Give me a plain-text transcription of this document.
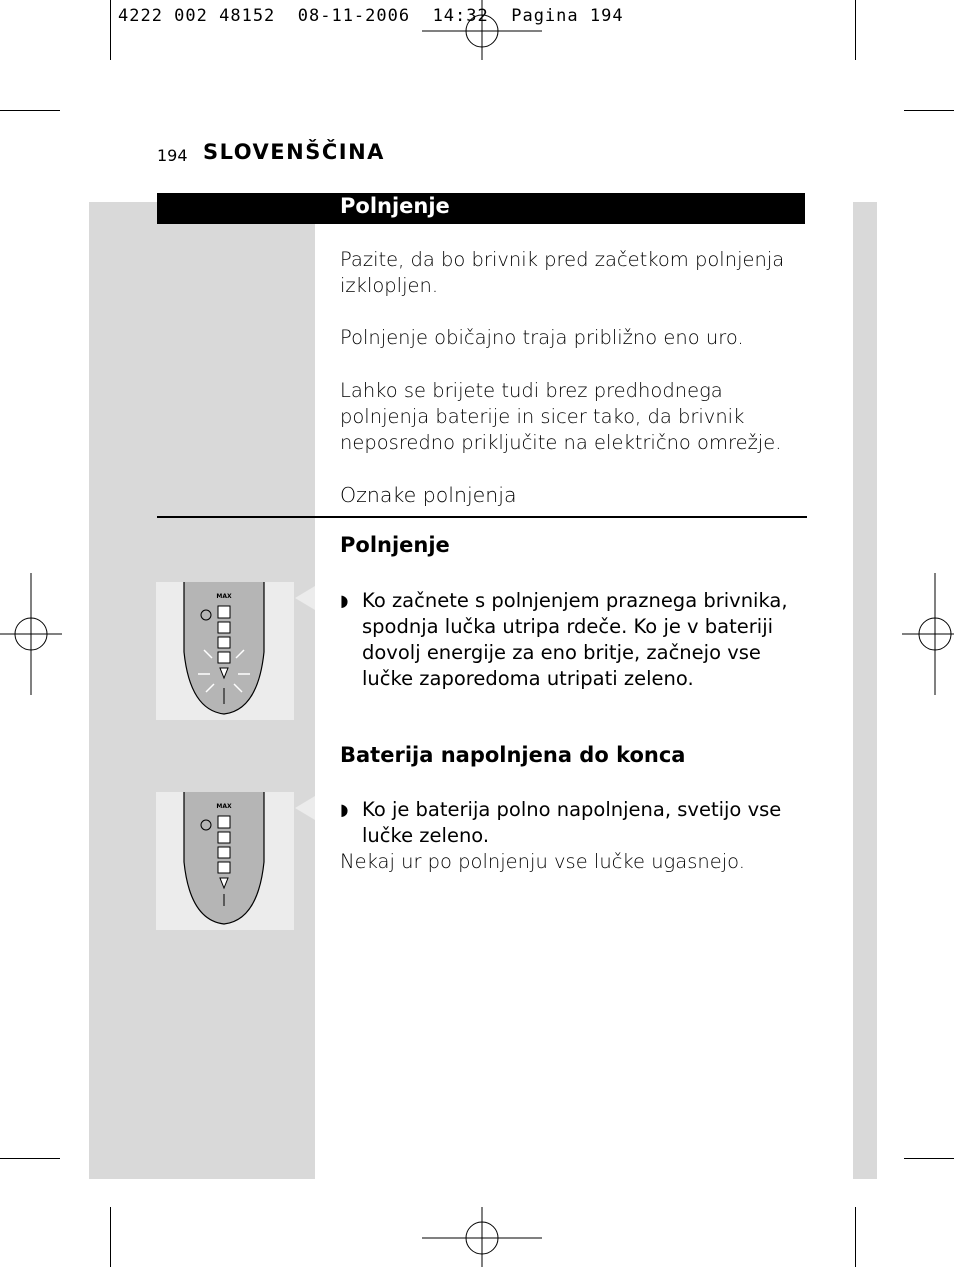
4222 002 48152  08-11-2006  14:32  Pagina 194
194 SLOVENŠČINA
Polnjenje
Pazite, da bo brivnik pred začetkom polnjenja izklopljen.
Polnjenje običajno traja približno eno uro.
Lahko se brijete tudi brez predhodnega polnjenja baterije in sicer tako, da brivnik neposredno priključite na električno omrežje.
Oznake polnjenja
Polnjenje
MAX	◗ Ko začnete s polnjenjem praznega brivnika, spodnja lučka utripa rdeče. Ko je v bateriji dovolj energije za eno britje, začnejo vse lučke zaporedoma utripati zeleno.
Baterija napolnjena do konca
MAX	◗ Ko je baterija polno napolnjena, svetijo vse lučke zeleno.
Nekaj ur po polnjenju vse lučke ugasnejo.
